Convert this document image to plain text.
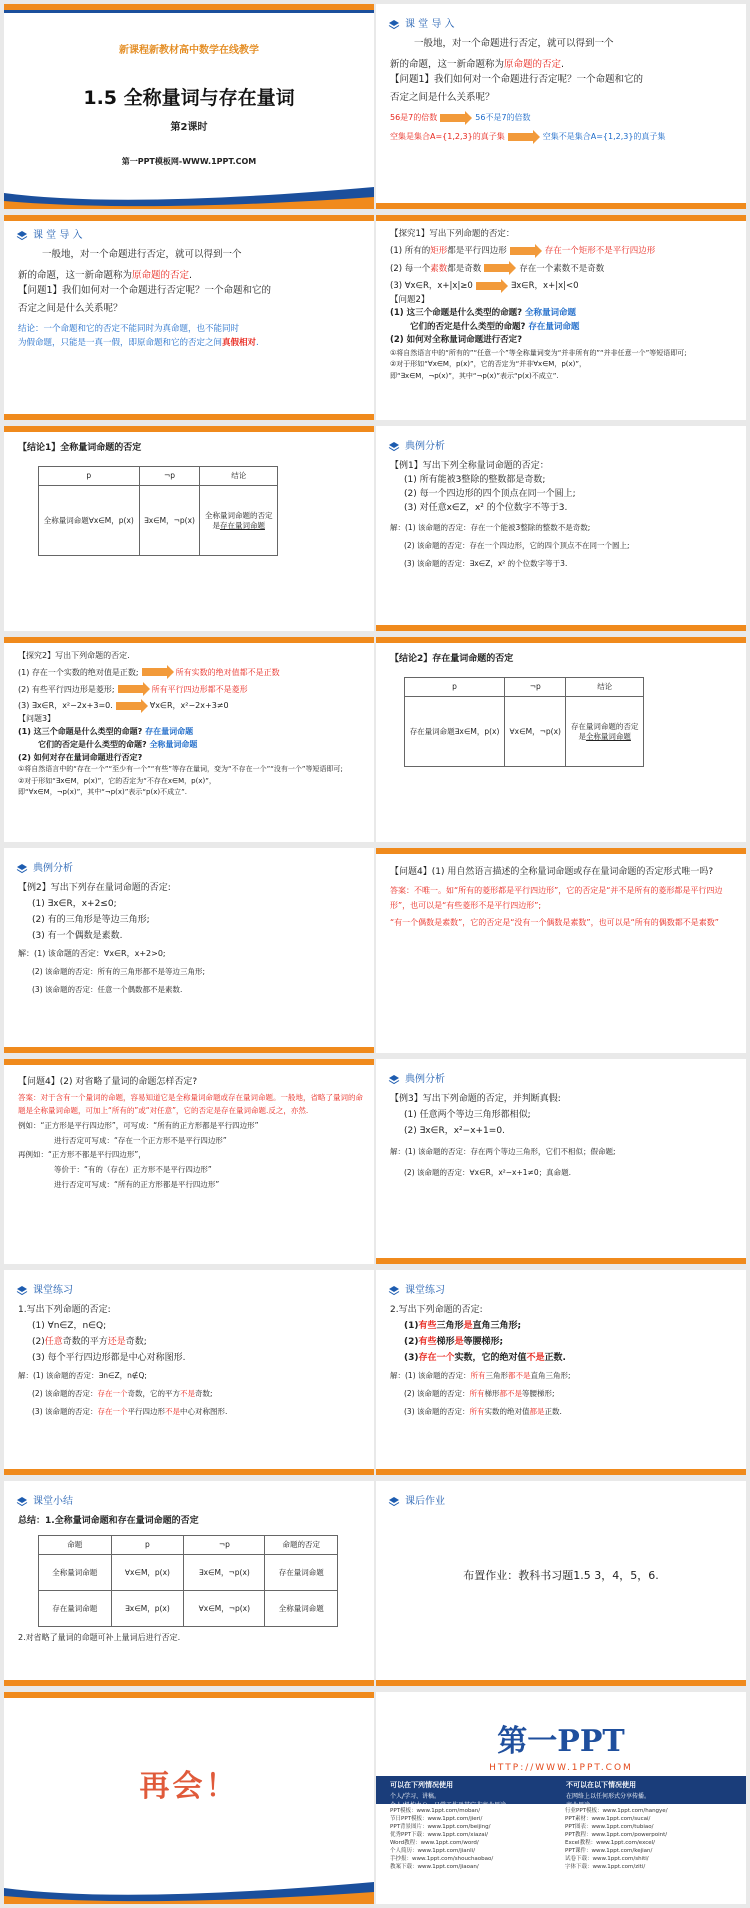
新课程新教材高中数学在线教学
1.5 全称量词与存在量词
第2课时
第一PPT模板网-WWW.1PPT.COM
课 堂 导 入

一般地，对一个命题进行否定，就可以得到一个

新的命题，这一新命题称为原命题的否定.

【问题1】我们如何对一个命题进行否定呢？一个命题和它的

否定之间是什么关系呢？

56是7的倍数	56不是7的倍数

空集是集合A={1,2,3}的真子集	空集不是集合A={1,2,3}的真子集

课 堂 导 入

一般地，对一个命题进行否定，就可以得到一个

新的命题，这一新命题称为原命题的否定.

【问题1】我们如何对一个命题进行否定呢？一个命题和它的

否定之间是什么关系呢？

结论：一个命题和它的否定不能同时为真命题，也不能同时

为假命题，只能是一真一假，即原命题和它的否定之间真假相对.

【探究1】写出下列命题的否定：

(1) 所有的矩形都是平行四边形	存在一个矩形不是平行四边形

(2) 每一个素数都是奇数	存在一个素数不是奇数

(3) ∀x∈R，x+|x|≥0	∃x∈R，x+|x|<0

【问题2】

(1) 这三个命题是什么类型的命题? 全称量词命题

它们的否定是什么类型的命题? 存在量词命题

(2) 如何对全称量词命题进行否定?

①将自然语言中的“所有的”“任意一个”等全称量词变为“并非所有的”“并非任意一个”等短语即可;

②对于形如“∀x∈M，p(x)”，它的否定为“并非∀x∈M，p(x)”，

即“∃x∈M，¬p(x)”，其中“¬p(x)”表示“p(x)不成立”.

【结论1】全称量词命题的否定

p	¬p	结论
全称量词命题∀x∈M，p(x)	∃x∈M，¬p(x)	全称量词命题的否定
是存在量词命题
典例分析

【例1】写出下列全称量词命题的否定：

(1) 所有能被3整除的整数都是奇数;

(2) 每一个四边形的四个顶点在同一个圆上;

(3) 对任意x∈Z，x² 的个位数字不等于3.

解：(1) 该命题的否定：存在一个能被3整除的整数不是奇数;

(2) 该命题的否定：存在一个四边形，它的四个顶点不在同一个圆上;

(3) 该命题的否定：∃x∈Z，x² 的个位数字等于3.

【探究2】写出下列命题的否定.

(1) 存在一个实数的绝对值是正数;	所有实数的绝对值都不是正数

(2) 有些平行四边形是菱形;	所有平行四边形都不是菱形

(3) ∃x∈R，x²−2x+3=0.	∀x∈R，x²−2x+3≠0

【问题3】

(1) 这三个命题是什么类型的命题? 存在量词命题

它们的否定是什么类型的命题? 全称量词命题

(2) 如何对存在量词命题进行否定?

①将自然语言中的“存在一个”“至少有一个”“有些”等存在量词，变为“不存在一个”“没有一个”等短语即可;

②对于形如“∃x∈M，p(x)”，它的否定为“不存在x∈M，p(x)”，

即“∀x∈M，¬p(x)”，其中“¬p(x)”表示“p(x)不成立”.

【结论2】存在量词命题的否定

p	¬p	结论
存在量词命题∃x∈M，p(x)	∀x∈M，¬p(x)	存在量词命题的否定
是全称量词命题
典例分析

【例2】写出下列存在量词命题的否定:

(1) ∃x∈R，x+2≤0;

(2) 有的三角形是等边三角形;

(3) 有一个偶数是素数.

解：(1) 该命题的否定：∀x∈R，x+2>0;

(2) 该命题的否定：所有的三角形都不是等边三角形;

(3) 该命题的否定：任意一个偶数都不是素数.

【问题4】(1) 用自然语言描述的全称量词命题或存在量词命题的否定形式唯一吗?

答案：不唯一。如“所有的菱形都是平行四边形”，它的否定是“并不是所有的菱形都是平行四边形”，也可以是“有些菱形不是平行四边形”;

“有一个偶数是素数”，它的否定是“没有一个偶数是素数”，也可以是“所有的偶数都不是素数”

【问题4】(2) 对省略了量词的命题怎样否定?

答案：对于含有一个量词的命题，容易知道它是全称量词命题或存在量词命题。一般地，省略了量词的命题是全称量词命题，可加上“所有的”或“对任意”，它的否定是存在量词命题.反之，亦然.

例如：“正方形是平行四边形”，可写成：“所有的正方形都是平行四边形”

进行否定可写成：“存在一个正方形不是平行四边形”

再例如：“正方形不都是平行四边形”，

等价于：“有的（存在）正方形不是平行四边形”

进行否定可写成：“所有的正方形都是平行四边形”

典例分析

【例3】写出下列命题的否定，并判断真假:

(1) 任意两个等边三角形都相似;

(2) ∃x∈R，x²−x+1=0.

解：(1) 该命题的否定：存在两个等边三角形，它们不相似；假命题;

(2) 该命题的否定：∀x∈R，x²−x+1≠0；真命题.

课堂练习

1.写出下列命题的否定:

(1) ∀n∈Z，n∈Q;

(2)任意奇数的平方还是奇数;

(3) 每个平行四边形都是中心对称图形.

解：(1) 该命题的否定：∃n∈Z，n∉Q;

(2) 该命题的否定：存在一个奇数，它的平方不是奇数;

(3) 该命题的否定：存在一个平行四边形不是中心对称图形.

课堂练习

2.写出下列命题的否定:

(1)有些三角形是直角三角形;

(2)有些梯形是等腰梯形;

(3)存在一个实数，它的绝对值不是正数.

解：(1) 该命题的否定：所有三角形都不是直角三角形;

(2) 该命题的否定：所有梯形都不是等腰梯形;

(3) 该命题的否定：所有实数的绝对值都是正数.

课堂小结

总结：1.全称量词命题和存在量词命题的否定

命题	p	¬p	命题的否定
全称量词命题	∀x∈M，p(x)	∃x∈M，¬p(x)	存在量词命题
存在量词命题	∃x∈M，p(x)	∀x∈M，¬p(x)	全称量词命题

2.对省略了量词的命题可补上量词后进行否定.

课后作业
布置作业：教科书习题1.5 3，4，5，6.
再会！
第一PPT
HTTP://WWW.1PPT.COM
可以在下列情况使用
个人/学习、讲稿。
不可以在以下情况使用
在网络上以任何形式分享传播。

PPT模板：www.1ppt.com/moban/

节日PPT模板：www.1ppt.com/jieri/

PPT背景图片：www.1ppt.com/beijing/

优秀PPT下载：www.1ppt.com/xiazai/

Word教程：www.1ppt.com/word/

个人简历：www.1ppt.com/jianli/

手抄报：www.1ppt.com/shouchaobao/

教案下载：www.1ppt.com/jiaoan/

行业PPT模板：www.1ppt.com/hangye/

PPT素材：www.1ppt.com/sucai/

PPT图表：www.1ppt.com/tubiao/

PPT教程：www.1ppt.com/powerpoint/

Excel教程：www.1ppt.com/excel/

PPT课件：www.1ppt.com/kejian/

试卷下载：www.1ppt.com/shiti/

字体下载：www.1ppt.com/ziti/
